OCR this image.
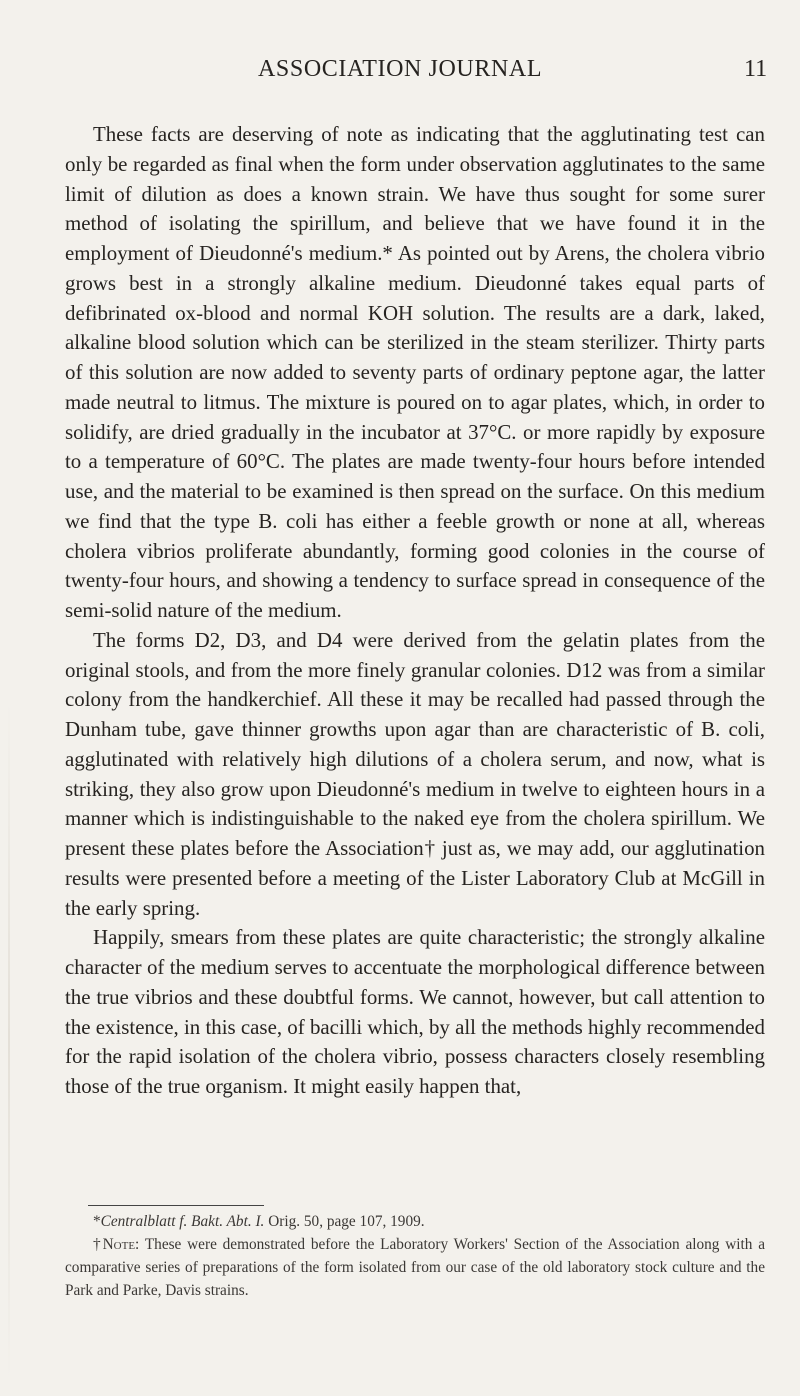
ASSOCIATION JOURNAL	11

These facts are deserving of note as indicating that the agglutinating test can only be regarded as final when the form under observation agglutinates to the same limit of dilution as does a known strain. We have thus sought for some surer method of isolating the spirillum, and believe that we have found it in the employment of Dieudonné's medium.* As pointed out by Arens, the cholera vibrio grows best in a strongly alkaline medium. Dieudonné takes equal parts of defibrinated ox-blood and normal KOH solution. The results are a dark, laked, alkaline blood solution which can be sterilized in the steam sterilizer. Thirty parts of this solution are now added to seventy parts of ordinary peptone agar, the latter made neutral to litmus. The mixture is poured on to agar plates, which, in order to solidify, are dried gradually in the incubator at 37°C. or more rapidly by exposure to a temperature of 60°C. The plates are made twenty-four hours before intended use, and the material to be examined is then spread on the surface. On this medium we find that the type B. coli has either a feeble growth or none at all, whereas cholera vibrios proliferate abundantly, forming good colonies in the course of twenty-four hours, and showing a tendency to surface spread in consequence of the semi-solid nature of the medium.

The forms D2, D3, and D4 were derived from the gelatin plates from the original stools, and from the more finely granular colonies. D12 was from a similar colony from the handkerchief. All these it may be recalled had passed through the Dunham tube, gave thinner growths upon agar than are characteristic of B. coli, agglutinated with relatively high dilutions of a cholera serum, and now, what is striking, they also grow upon Dieudonné's medium in twelve to eighteen hours in a manner which is indistinguishable to the naked eye from the cholera spirillum. We present these plates before the Association† just as, we may add, our agglutination results were presented before a meeting of the Lister Laboratory Club at McGill in the early spring.

Happily, smears from these plates are quite characteristic; the strongly alkaline character of the medium serves to accentuate the morphological difference between the true vibrios and these doubtful forms. We cannot, however, but call attention to the existence, in this case, of bacilli which, by all the methods highly recommended for the rapid isolation of the cholera vibrio, possess characters closely resembling those of the true organism. It might easily happen that,

*Centralblatt f. Bakt. Abt. I. Orig. 50, page 107, 1909.

†Note: These were demonstrated before the Laboratory Workers' Section of the Association along with a comparative series of preparations of the form isolated from our case of the old laboratory stock culture and the Park and Parke, Davis strains.
